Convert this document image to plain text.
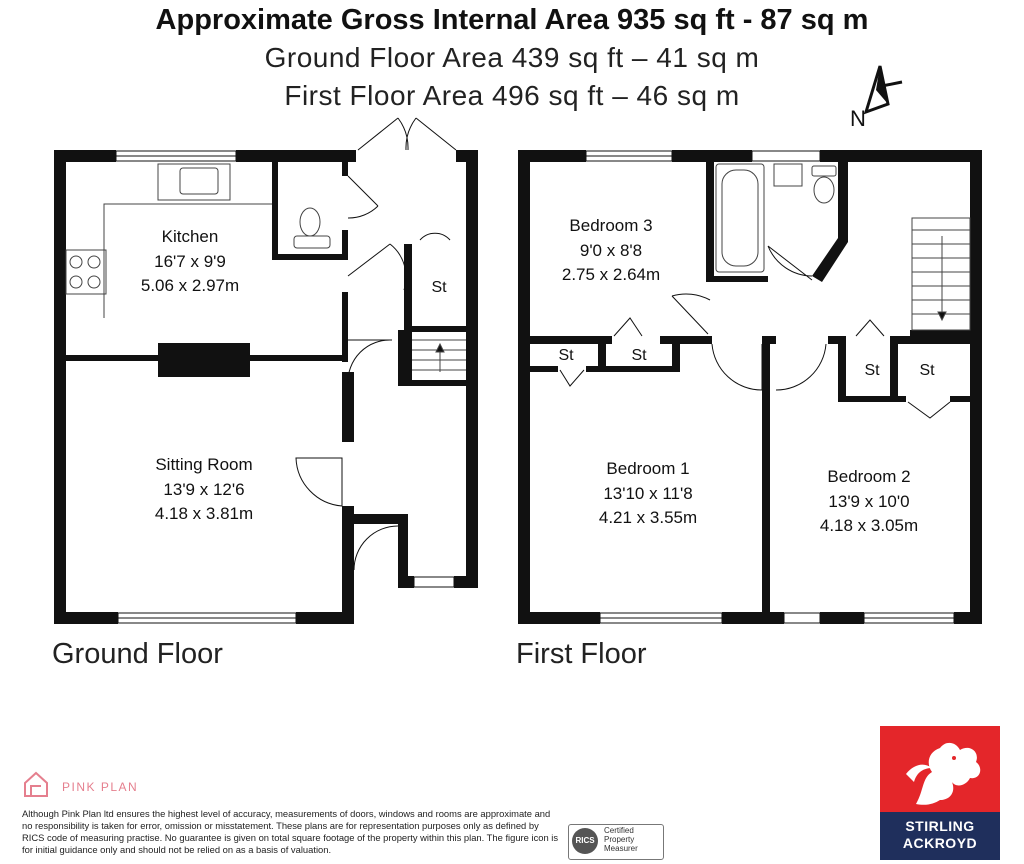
Approximate Gross Internal Area 935 sq ft - 87 sq m
Ground Floor Area 439 sq ft – 41 sq m
First Floor Area 496 sq ft – 46 sq m
N
Kitchen
16'7 x 9'9
5.06 x 2.97m
Sitting Room
13'9 x 12'6
4.18 x 3.81m
St
Bedroom 3
9'0 x 8'8
2.75 x 2.64m
Bedroom 1
13'10 x 11'8
4.21 x 3.55m
Bedroom 2
13'9 x 10'0
4.18 x 3.05m
St	St
St St
Ground Floor	First Floor
PINK PLAN
Although Pink Plan ltd ensures the highest level of accuracy, measurements of doors, windows and rooms are approximate and no responsibility is taken for error, omission or misstatement. These plans are for representation purposes only as defined by RICS code of measuring practise. No guarantee is given on total square footage of the property within this plan. The figure icon is for initial guidance only and should not be relied on as a basis of valuation.
RICS
Certified Property Measurer
STIRLING
ACKROYD
